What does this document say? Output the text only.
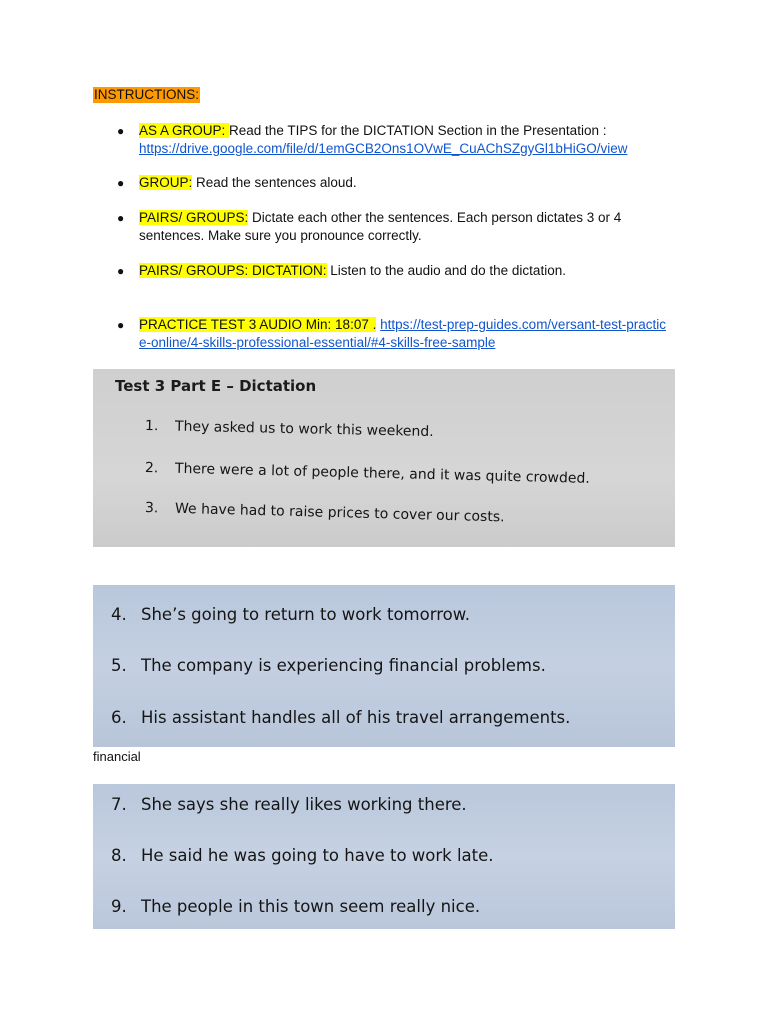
INSTRUCTIONS:
● AS A GROUP: Read the TIPS for the DICTATION Section in the Presentation :
https://drive.google.com/file/d/1emGCB2Ons1OVwE_CuAChSZgyGl1bHiGO/view
● GROUP: Read the sentences aloud.
● PAIRS/ GROUPS: Dictate each other the sentences. Each person dictates 3 or 4 sentences. Make sure you pronounce correctly.
● PAIRS/ GROUPS: DICTATION: Listen to the audio and do the dictation.
● PRACTICE TEST 3 AUDIO Min: 18:07 . https://test-prep-guides.com/versant-test-practice-online/4-skills-professional-essential/#4-skills-free-sample
Test 3 Part E – Dictation
1. They asked us to work this weekend.
2. There were a lot of people there, and it was quite crowded.
3. We have had to raise prices to cover our costs.
4. She’s going to return to work tomorrow.
5. The company is experiencing financial problems.
6. His assistant handles all of his travel arrangements.
financial
7. She says she really likes working there.
8. He said he was going to have to work late.
9. The people in this town seem really nice.
